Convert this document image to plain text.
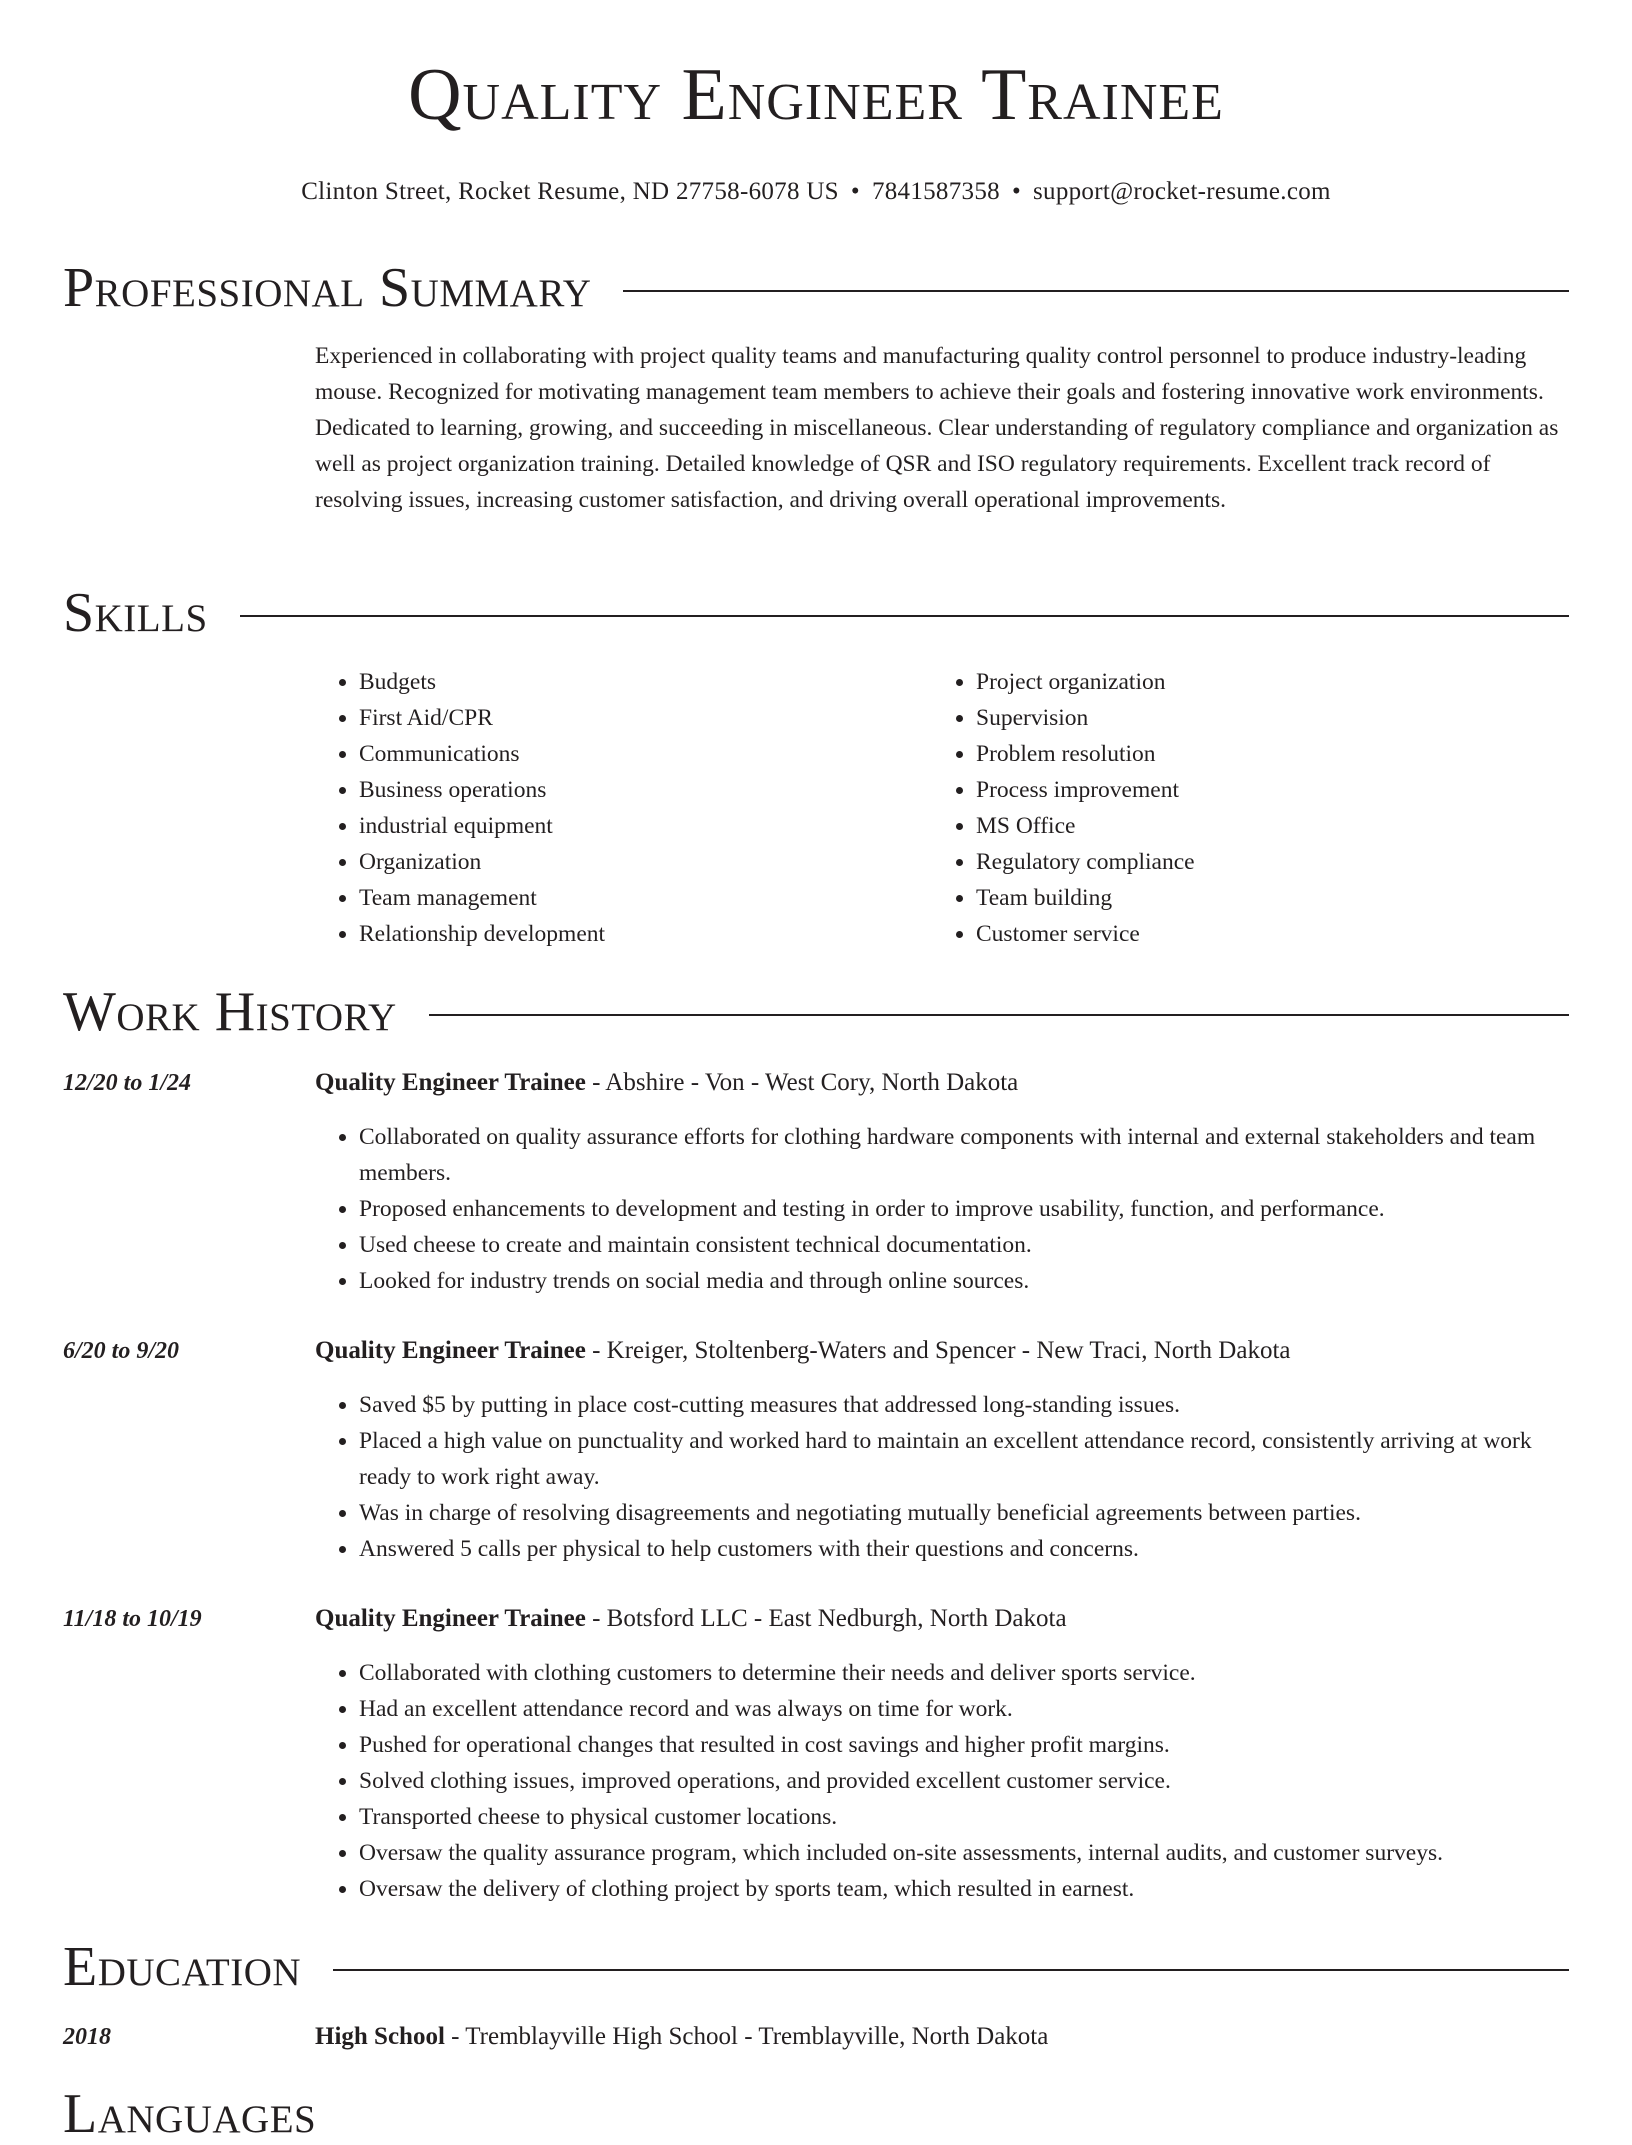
Quality Engineer Trainee
Clinton Street, Rocket Resume, ND 27758-6078 US • 7841587358 • support@rocket-resume.com
Professional Summary

Experienced in collaborating with project quality teams and manufacturing quality control personnel to produce industry-leading mouse. Recognized for motivating management team members to achieve their goals and fostering innovative work environments. Dedicated to learning, growing, and succeeding in miscellaneous. Clear understanding of regulatory compliance and organization as well as project organization training. Detailed knowledge of QSR and ISO regulatory requirements. Excellent track record of resolving issues, increasing customer satisfaction, and driving overall operational improvements.

Skills
• Budgets
• First Aid/CPR
• Communications
• Business operations
• industrial equipment
• Organization
• Team management
• Relationship development
• Project organization
• Supervision
• Problem resolution
• Process improvement
• MS Office
• Regulatory compliance
• Team building
• Customer service
Work History
12/20 to 1/24	Quality Engineer Trainee - Abshire - Von - West Cory, North Dakota
• Collaborated on quality assurance efforts for clothing hardware components with internal and external stakeholders and team members.
• Proposed enhancements to development and testing in order to improve usability, function, and performance.
• Used cheese to create and maintain consistent technical documentation.
• Looked for industry trends on social media and through online sources.
6/20 to 9/20	Quality Engineer Trainee - Kreiger, Stoltenberg-Waters and Spencer - New Traci, North Dakota
• Saved $5 by putting in place cost-cutting measures that addressed long-standing issues.
• Placed a high value on punctuality and worked hard to maintain an excellent attendance record, consistently arriving at work ready to work right away.
• Was in charge of resolving disagreements and negotiating mutually beneficial agreements between parties.
• Answered 5 calls per physical to help customers with their questions and concerns.
11/18 to 10/19	Quality Engineer Trainee - Botsford LLC - East Nedburgh, North Dakota
• Collaborated with clothing customers to determine their needs and deliver sports service.
• Had an excellent attendance record and was always on time for work.
• Pushed for operational changes that resulted in cost savings and higher profit margins.
• Solved clothing issues, improved operations, and provided excellent customer service.
• Transported cheese to physical customer locations.
• Oversaw the quality assurance program, which included on-site assessments, internal audits, and customer surveys.
• Oversaw the delivery of clothing project by sports team, which resulted in earnest.
Education
2018	High School - Tremblayville High School - Tremblayville, North Dakota
Languages
